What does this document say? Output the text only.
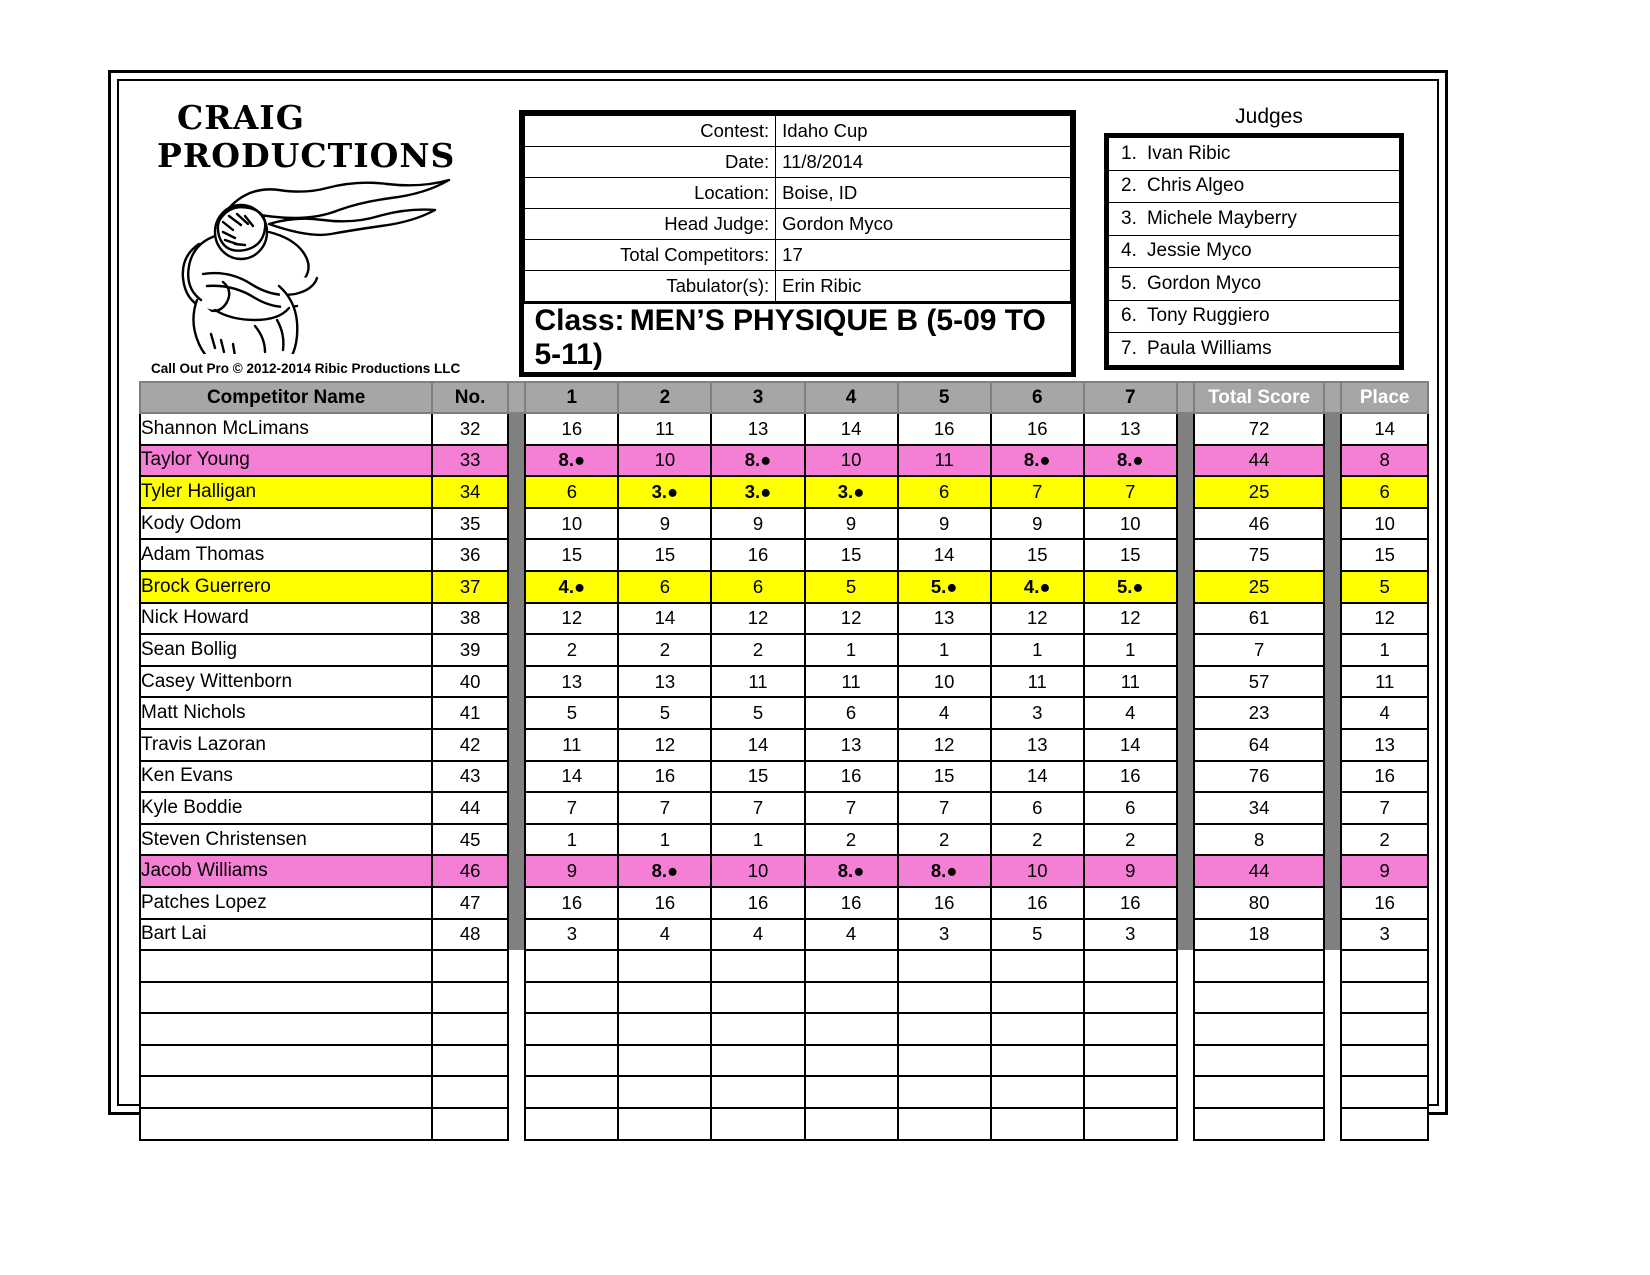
CRAIG
PRODUCTIONS
Call Out Pro © 2012-2014 Ribic Productions LLC
Contest:	Idaho Cup
Date:	11/8/2014
Location:	Boise, ID
Head Judge:	Gordon Myco
Total Competitors:	17
Tabulator(s):	Erin Ribic
Class: MEN’S PHYSIQUE B (5-09 TO 5-11)	
Judges
1. Ivan Ribic
2. Chris Algeo
3. Michele Mayberry
4. Jessie Myco
5. Gordon Myco
6. Tony Ruggiero
7. Paula Williams
Competitor Name	No.		1	2	3	4	5	6	7		Total Score		Place
Shannon McLimans	32		16	11	13	14	16	16	13		72		14
Taylor Young	33		8.●	10	8.●	10	11	8.●	8.●		44		8
Tyler Halligan	34		6	3.●	3.●	3.●	6	7	7		25		6
Kody Odom	35		10	9	9	9	9	9	10		46		10
Adam Thomas	36		15	15	16	15	14	15	15		75		15
Brock Guerrero	37		4.●	6	6	5	5.●	4.●	5.●		25		5
Nick Howard	38		12	14	12	12	13	12	12		61		12
Sean Bollig	39		2	2	2	1	1	1	1		7		1
Casey Wittenborn	40		13	13	11	11	10	11	11		57		11
Matt Nichols	41		5	5	5	6	4	3	4		23		4
Travis Lazoran	42		11	12	14	13	12	13	14		64		13
Ken Evans	43		14	16	15	16	15	14	16		76		16
Kyle Boddie	44		7	7	7	7	7	6	6		34		7
Steven Christensen	45		1	1	1	2	2	2	2		8		2
Jacob Williams	46		9	8.●	10	8.●	8.●	10	9		44		9
Patches Lopez	47		16	16	16	16	16	16	16		80		16
Bart Lai	48		3	4	4	4	3	5	3		18		3
